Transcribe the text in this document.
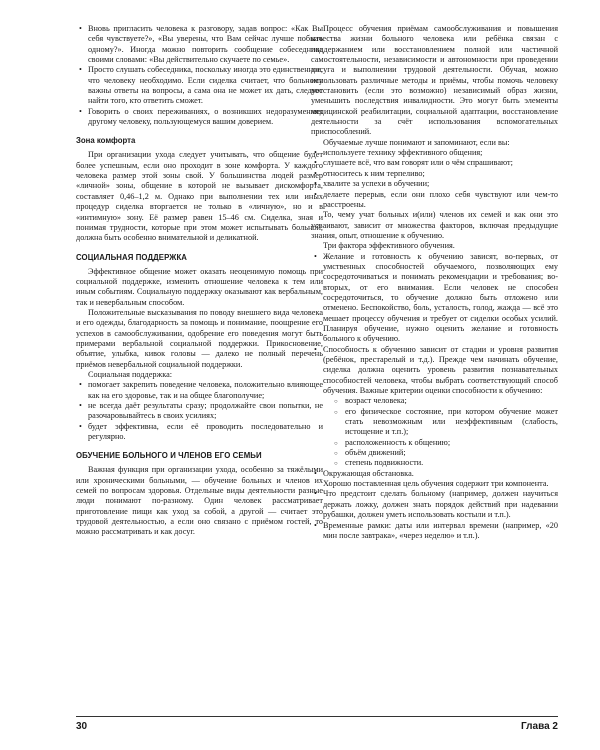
• Вновь пригласить человека к разговору, задав вопрос: «Как Вы себя чувствуете?», «Вы уверены, что Вам сейчас лучше побыть одному?». Иногда можно повторить сообщение собеседника своими словами: «Вы действительно скучаете по семье».
• Просто слушать собеседника, поскольку иногда это единственное, что человеку необходимо. Если сиделка считает, что больному важны ответы на вопросы, а сама она не может их дать, следует найти того, кто ответить сможет.
• Говорить о своих переживаниях, о возникших недоразумениях другому человеку, пользующемуся вашим доверием.
Зона комфорта

При организации ухода следует учитывать, что общение будет более успешным, если оно проходит в зоне комфорта. У каждого человека размер этой зоны свой. У большинства людей размер «личной» зоны, общение в которой не вызывает дискомфорта, составляет 0,46–1,2 м. Однако при выполнении тех или иных процедур сиделка вторгается не только в «личную», но и в «интимную» зону. Её размер равен 15–46 см. Сиделка, зная и понимая трудности, которые при этом может испытывать больной, должна быть особенно внимательной и деликатной.

СОЦИАЛЬНАЯ ПОДДЕРЖКА

Эффективное общение может оказать неоценимую помощь при социальной поддержке, изменить отношение человека к тем или иным событиям. Социальную поддержку оказывают как вербальным, так и невербальным способом.

Положительные высказывания по поводу внешнего вида человека и его одежды, благодарность за помощь и понимание, поощрение его успехов в самообслуживании, одобрение его поведения могут быть примерами вербальной социальной поддержки. Прикосновение, объятие, улыбка, кивок головы — далеко не полный перечень приёмов невербальной социальной поддержки.

Социальная поддержка:

• помогает закрепить поведение человека, положительно влияющее как на его здоровье, так и на общее благополучие;
• не всегда даёт результаты сразу; продолжайте свои попытки, не разочаровывайтесь в своих усилиях;
• будет эффективна, если её проводить последовательно и регулярно.
ОБУЧЕНИЕ БОЛЬНОГО И ЧЛЕНОВ ЕГО СЕМЬИ

Важная функция при организации ухода, особенно за тяжёлыми или хроническими больными, — обучение больных и членов их семей по вопросам здоровья. Отдельные виды деятельности разные люди понимают по-разному. Один человек рассматривает приготовление пищи как уход за собой, а другой — считает это трудовой деятельностью, а если оно связано с приёмом гостей, то можно рассматривать и как досуг.

Процесс обучения приёмам самообслуживания и повышения качества жизни больного человека или ребёнка связан с поддержанием или восстановлением полной или частичной самостоятельности, независимости и автономности при проведении досуга и выполнении трудовой деятельности. Обучая, можно использовать различные методы и приёмы, чтобы помочь человеку восстановить (если это возможно) независимый образ жизни, уменьшить последствия инвалидности. Это могут быть элементы медицинской реабилитации, социальной адаптации, восстановление деятельности за счёт использования вспомогательных приспособлений.

Обучаемые лучше понимают и запоминают, если вы:

• используете технику эффективного общения;
• слушаете всё, что вам говорят или о чём спрашивают;
• относитесь к ним терпеливо;
• хвалите за успехи в обучении;
• делаете перерыв, если они плохо себя чувствуют или чем-то расстроены.

То, чему учат больных и(или) членов их семей и как они это усваивают, зависит от множества факторов, включая предыдущие знания, опыт, отношение к обучению.

Три фактора эффективного обучения.

• Желание и готовность к обучению зависят, во-первых, от умственных способностей обучаемого, позволяющих ему сосредоточиваться и понимать рекомендации и требования; во-вторых, от его внимания. Если человек не способен сосредоточиться, то обучение должно быть отложено или отменено. Беспокойство, боль, усталость, голод, жажда — всё это мешает процессу обучения и требует от сиделки особых усилий. Планируя обучение, нужно оценить желание и готовность больного к обучению.
• Способность к обучению зависит от стадии и уровня развития (ребёнок, престарелый и т.д.). Прежде чем начинать обучение, сиделка должна оценить уровень развития познавательных способностей человека, чтобы выбрать соответствующий способ обучения. Важные критерии оценки способности к обучению:
○ возраст человека;
○ его физическое состояние, при котором обучение может стать невозможным или неэффективным (слабость, истощение и т.п.);
○ расположенность к общению;
○ объём движений;
○ степень подвижности.
• Окружающая обстановка.

Хорошо поставленная цель обучения содержит три компонента.

• Что предстоит сделать больному (например, должен научиться держать ложку, должен знать порядок действий при надевании рубашки, должен уметь использовать костыли и т.п.).
• Временные рамки: даты или интервал времени (например, «20 мин после завтрака», «через неделю» и т.п.).
30	Глава 2
